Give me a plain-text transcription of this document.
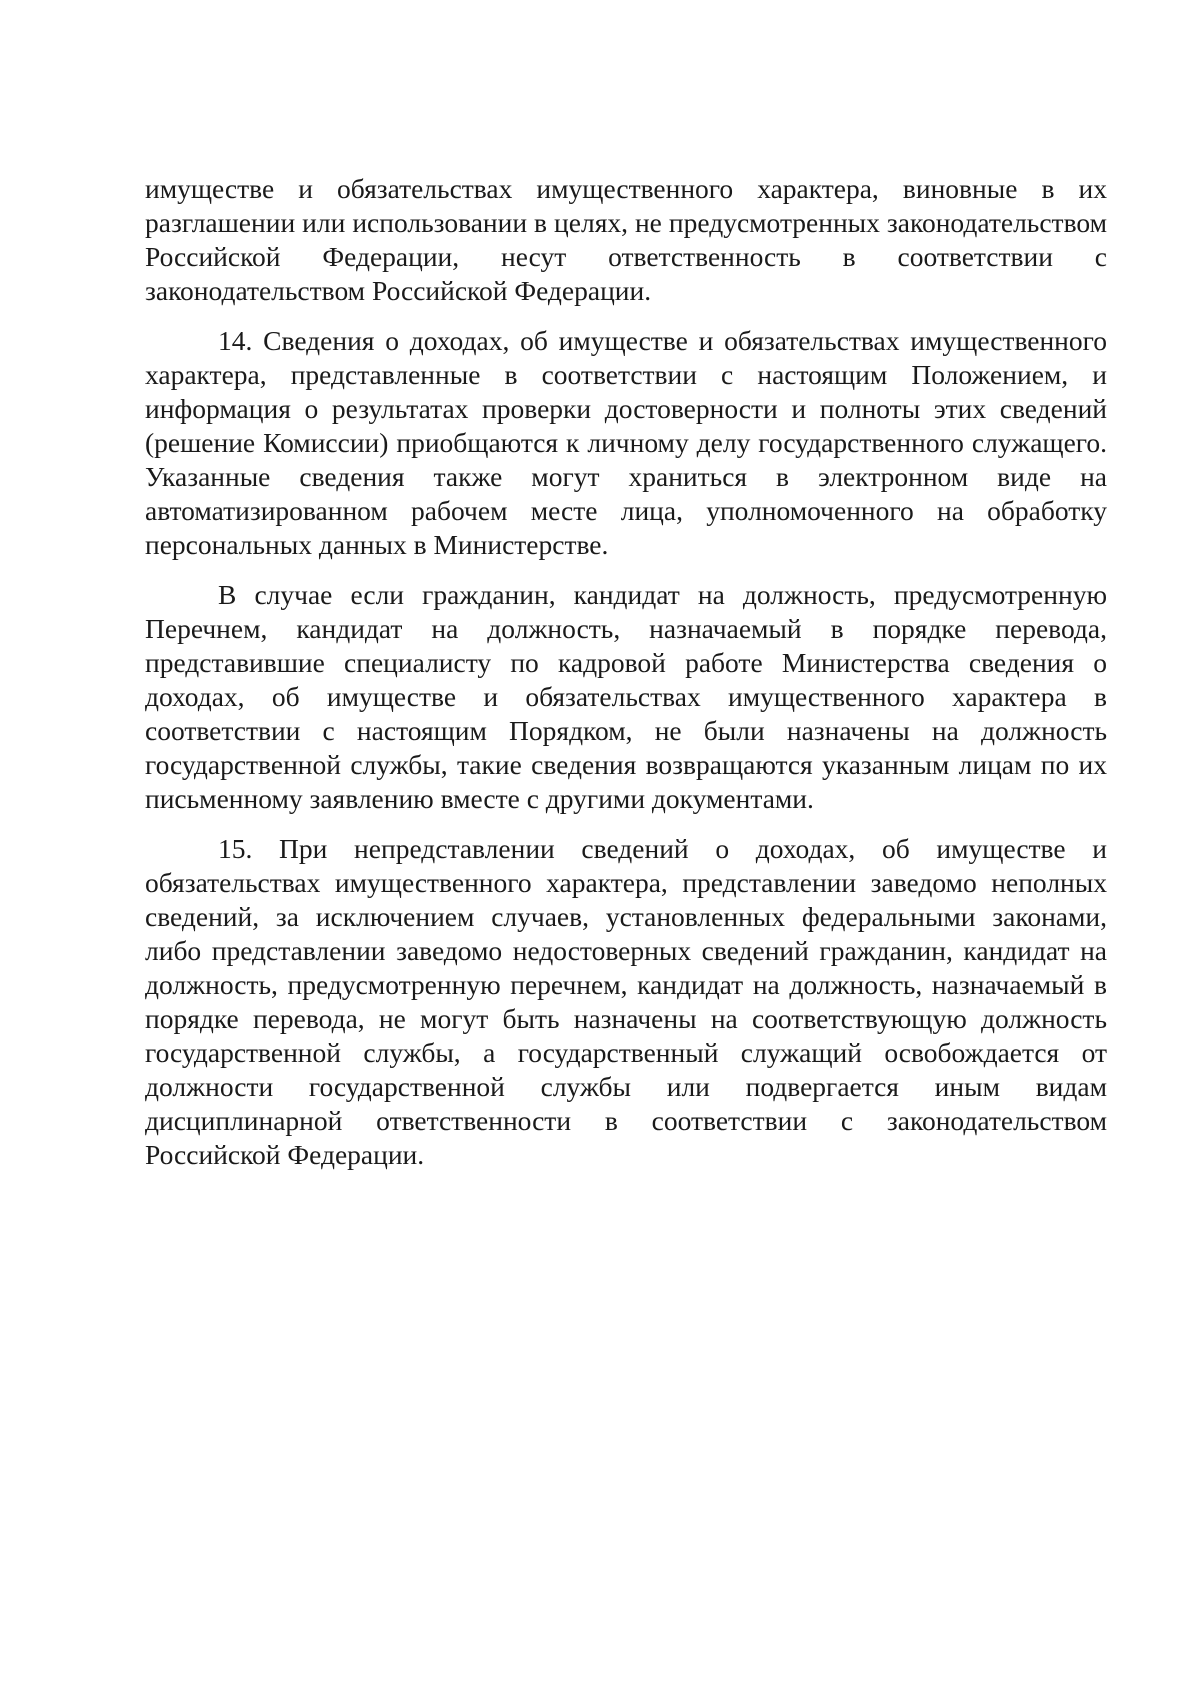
имуществе и обязательствах имущественного характера, виновные в их разглашении или использовании в целях, не предусмотренных законодательством Российской Федерации, несут ответственность в соответствии с законодательством Российской Федерации.

14. Сведения о доходах, об имуществе и обязательствах имущественного характера, представленные в соответствии с настоящим Положением, и информация о результатах проверки достоверности и полноты этих сведений (решение Комиссии) приобщаются к личному делу государственного служащего. Указанные сведения также могут храниться в электронном виде на автоматизированном рабочем месте лица, уполномоченного на обработку персональных данных в Министерстве.

В случае если гражданин, кандидат на должность, предусмотренную Перечнем, кандидат на должность, назначаемый в порядке перевода, представившие специалисту по кадровой работе Министерства сведения о доходах, об имуществе и обязательствах имущественного характера в соответствии с настоящим Порядком, не были назначены на должность государственной службы, такие сведения возвращаются указанным лицам по их письменному заявлению вместе с другими документами.

15. При непредставлении сведений о доходах, об имуществе и обязательствах имущественного характера, представлении заведомо неполных сведений, за исключением случаев, установленных федеральными законами, либо представлении заведомо недостоверных сведений гражданин, кандидат на должность, предусмотренную перечнем, кандидат на должность, назначаемый в порядке перевода, не могут быть назначены на соответствующую должность государственной службы, а государственный служащий освобождается от должности государственной службы или подвергается иным видам дисциплинарной ответственности в соответствии с законодательством Российской Федерации.
